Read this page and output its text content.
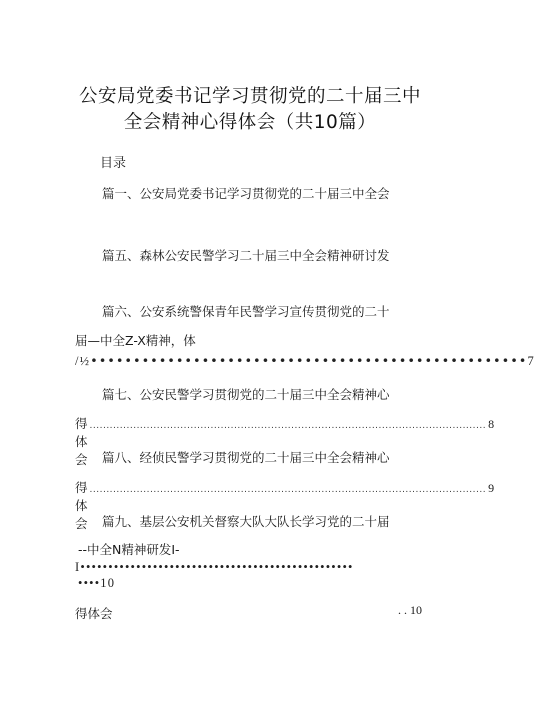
公安局党委书记学习贯彻党的二十届三中
全会精神心得体会（共10篇）
目录
篇一、公安局党委书记学习贯彻党的二十届三中全会
篇五、森林公安民警学习二十届三中全会精神研讨发
篇六、公安系统警保青年民警学习宣传贯彻党的二十
届—中全Z-X精神，体
/½•••••••••••••••••••••••••••••••••••••••••••••••••••7
篇七、公安民警学习贯彻党的二十届三中全会精神心
得体会
...................................................................................................................... 8
篇八、经侦民警学习贯彻党的二十届三中全会精神心
得体会
...................................................................................................................... 9
篇九、基层公安机关督察大队大队长学习党的二十届
--中全N精神研发I-
I•••••••••••••••••••••••••••••••••••••••••••••••••
••••10
得体会	. . 10
